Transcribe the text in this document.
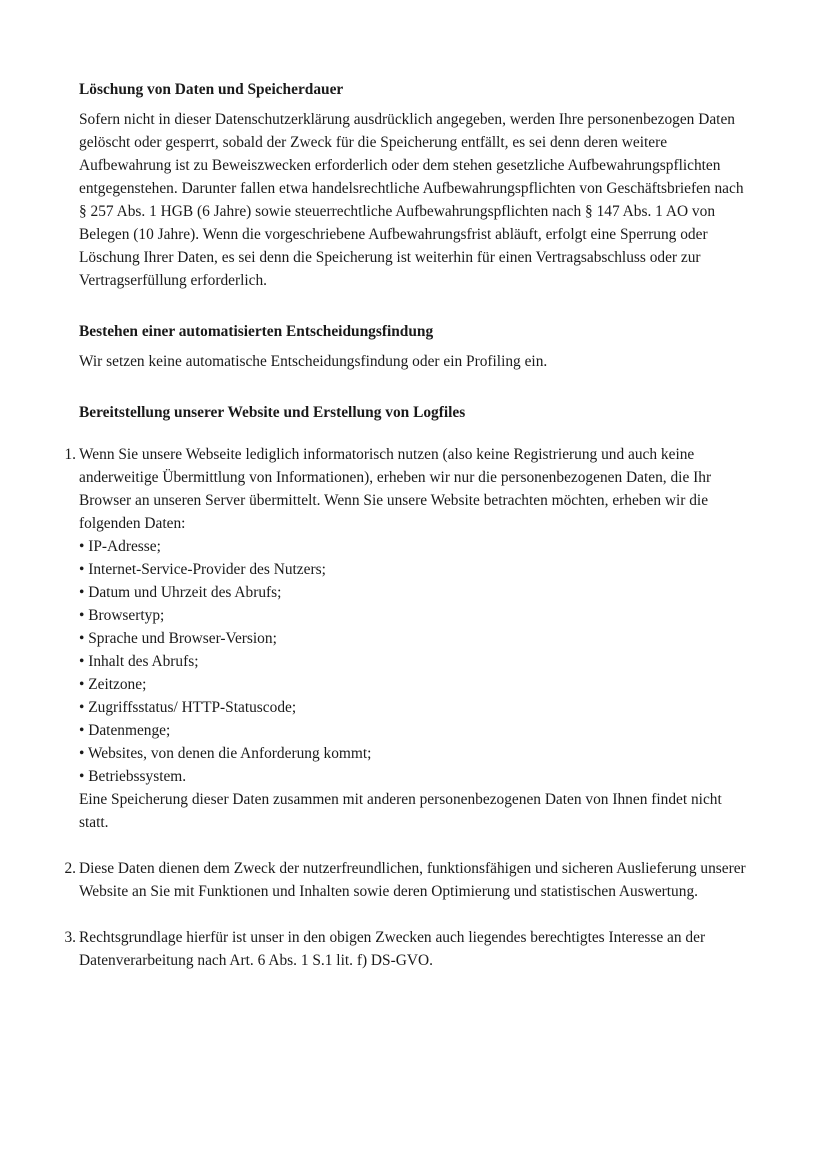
Löschung von Daten und Speicherdauer

Sofern nicht in dieser Datenschutzerklärung ausdrücklich angegeben, werden Ihre personenbezogen Daten gelöscht oder gesperrt, sobald der Zweck für die Speicherung entfällt, es sei denn deren weitere Aufbewahrung ist zu Beweiszwecken erforderlich oder dem stehen gesetzliche Aufbewahrungspflichten entgegenstehen. Darunter fallen etwa handelsrechtliche Aufbewahrungspflichten von Geschäftsbriefen nach § 257 Abs. 1 HGB (6 Jahre) sowie steuerrechtliche Aufbewahrungspflichten nach § 147 Abs. 1 AO von Belegen (10 Jahre). Wenn die vorgeschriebene Aufbewahrungsfrist abläuft, erfolgt eine Sperrung oder Löschung Ihrer Daten, es sei denn die Speicherung ist weiterhin für einen Vertragsabschluss oder zur Vertragserfüllung erforderlich.

Bestehen einer automatisierten Entscheidungsfindung

Wir setzen keine automatische Entscheidungsfindung oder ein Profiling ein.

Bereitstellung unserer Website und Erstellung von Logfiles
1. Wenn Sie unsere Webseite lediglich informatorisch nutzen (also keine Registrierung und auch keine anderweitige Übermittlung von Informationen), erheben wir nur die personenbezogenen Daten, die Ihr Browser an unseren Server übermittelt. Wenn Sie unsere Website betrachten möchten, erheben wir die folgenden Daten:

• IP-Adresse;
• Internet-Service-Provider des Nutzers;
• Datum und Uhrzeit des Abrufs;
• Browsertyp;
• Sprache und Browser-Version;
• Inhalt des Abrufs;
• Zeitzone;
• Zugriffsstatus/ HTTP-Statuscode;
• Datenmenge;
• Websites, von denen die Anforderung kommt;
• Betriebssystem.

Eine Speicherung dieser Daten zusammen mit anderen personenbezogenen Daten von Ihnen findet nicht statt.

2. Diese Daten dienen dem Zweck der nutzerfreundlichen, funktionsfähigen und sicheren Auslieferung unserer Website an Sie mit Funktionen und Inhalten sowie deren Optimierung und statistischen Auswertung.

3. Rechtsgrundlage hierfür ist unser in den obigen Zwecken auch liegendes berechtigtes Interesse an der Datenverarbeitung nach Art. 6 Abs. 1 S.1 lit. f) DS-GVO.
